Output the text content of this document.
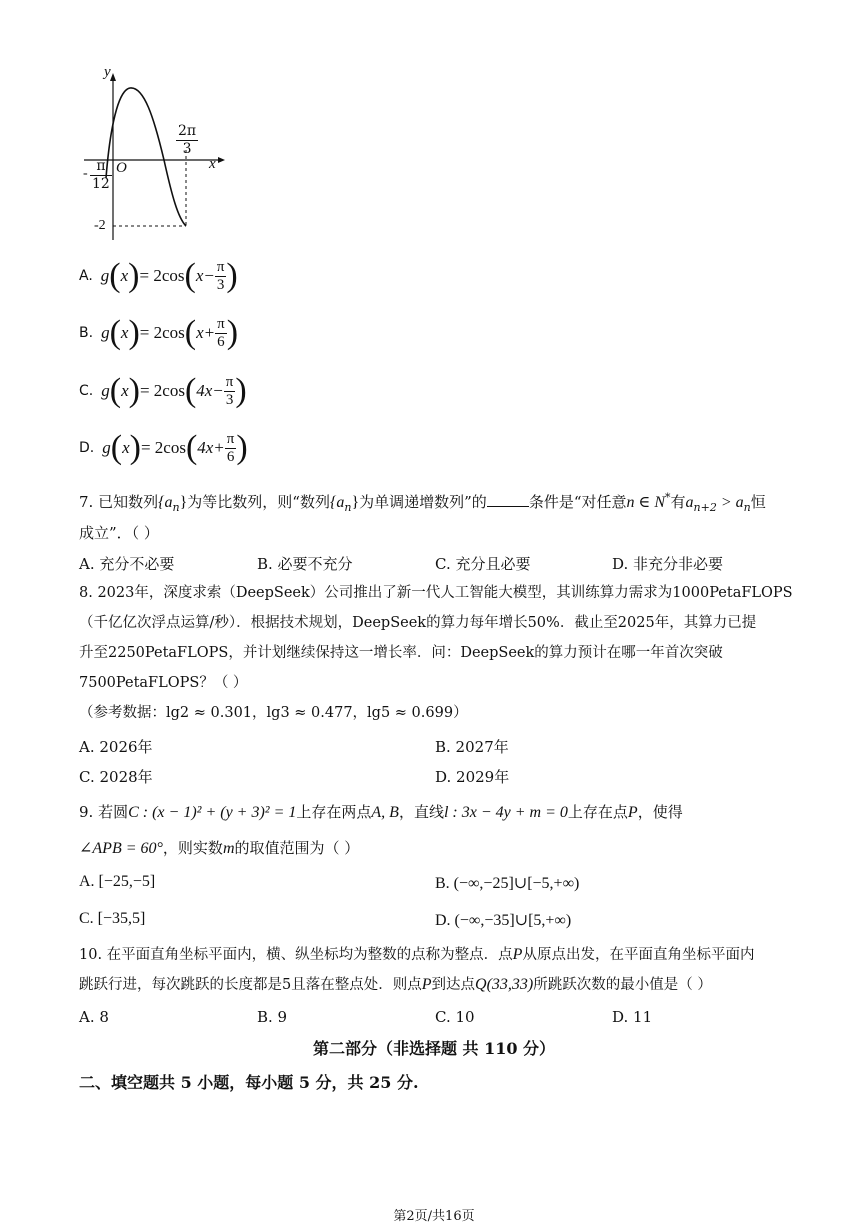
y
x
O
- $\frac{\pi}{12}$
$\frac{2\pi}{3}$
-2
A. g ( x ) = 2cos ( $x- \frac{\pi}{3}$ )
B. g ( x ) = 2cos ( $x+ \frac{\pi}{6}$ )
C. g ( x ) = 2cos ( $4x- \frac{\pi}{3}$ )
D. g ( x ) = 2cos ( $4x+ \frac{\pi}{6}$ )
7. 已知数列$\{a_n\}$为等比数列，则“数列$\{a_n\}$为单调递增数列”的	条件是“对任意n ∈ N*有$a_{n+2} > a_n$恒
成立”．（ ）
A. 充分不必要	B. 必要不充分	C. 充分且必要	D. 非充分非必要
8. 2023年，深度求索（DeepSeek）公司推出了新一代人工智能大模型，其训练算力需求为1000PetaFLOPS
（千亿亿次浮点运算/秒）．根据技术规划，DeepSeek的算力每年增长50%．截止至2025年，其算力已提
升至2250PetaFLOPS，并计划继续保持这一增长率．问：DeepSeek的算力预计在哪一年首次突破
7500PetaFLOPS？（ ）
（参考数据：lg2 ≈ 0.301，lg3 ≈ 0.477，lg5 ≈ 0.699）
A. 2026年	B. 2027年
C. 2028年	D. 2029年
9. 若圆C : (x − 1)² + (y + 3)² = 1上存在两点A, B，直线l : 3x − 4y + m = 0上存在点P，使得
∠APB = 60°，则实数m的取值范围为（ ）
A. [−25,−5]	B. (−∞,−25]∪[−5,+∞)
C. [−35,5]	D. (−∞,−35]∪[5,+∞)
10. 在平面直角坐标平面内，横、纵坐标均为整数的点称为整点．点P从原点出发，在平面直角坐标平面内
跳跃行进，每次跳跃的长度都是5且落在整点处．则点P到达点Q(33,33)所跳跃次数的最小值是（ ）
A. 8	B. 9	C. 10	D. 11
第二部分（非选择题 共 110 分）
二、填空题共 5 小题，每小题 5 分，共 25 分.
第2页/共16页
